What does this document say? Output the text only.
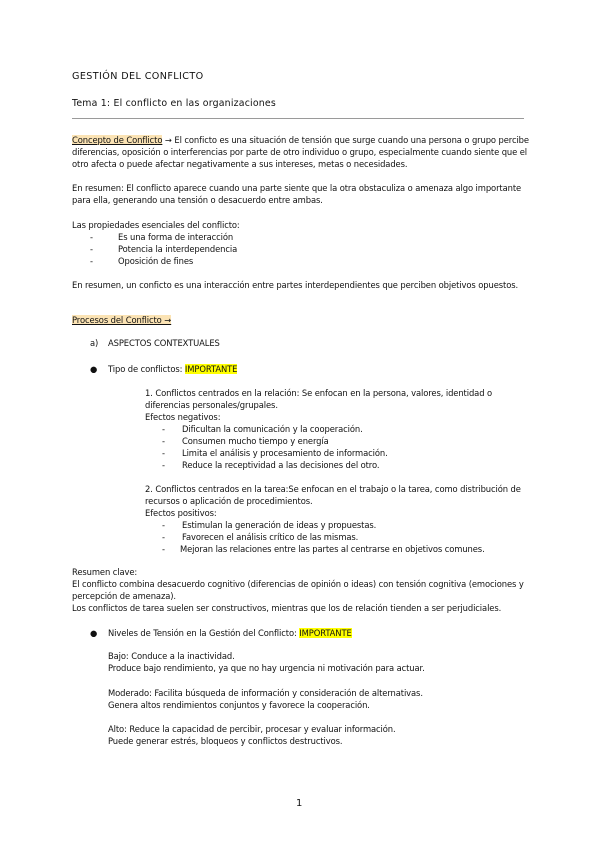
GESTIÓN DEL CONFLICTO
Tema 1: El conflicto en las organizaciones
Concepto de Conflicto → El conficto es una situación de tensión que surge cuando una persona o grupo percibe
diferencias, oposición o interferencias por parte de otro individuo o grupo, especialmente cuando siente que el
otro afecta o puede afectar negativamente a sus intereses, metas o necesidades.
En resumen: El conflicto aparece cuando una parte siente que la otra obstaculiza o amenaza algo importante
para ella, generando una tensión o desacuerdo entre ambas.
Las propiedades esenciales del conflicto:
-	Es una forma de interacción
-	Potencia la interdependencia
-	Oposición de fines
En resumen, un conficto es una interacción entre partes interdependientes que perciben objetivos opuestos.
Procesos del Conflicto →
a) ASPECTOS CONTEXTUALES
● Tipo de conflictos: IMPORTANTE
1. Conflictos centrados en la relación: Se enfocan en la persona, valores, identidad o
diferencias personales/grupales.
Efectos negativos:
- Dificultan la comunicación y la cooperación.
- Consumen mucho tiempo y energía
- Limita el análisis y procesamiento de información.
- Reduce la receptividad a las decisiones del otro.
2. Conflictos centrados en la tarea:Se enfocan en el trabajo o la tarea, como distribución de
recursos o aplicación de procedimientos.
Efectos positivos:
- Estimulan la generación de ideas y propuestas.
- Favorecen el análisis crítico de las mismas.
- Mejoran las relaciones entre las partes al centrarse en objetivos comunes.
Resumen clave:
El conflicto combina desacuerdo cognitivo (diferencias de opinión o ideas) con tensión cognitiva (emociones y
percepción de amenaza).
Los conflictos de tarea suelen ser constructivos, mientras que los de relación tienden a ser perjudiciales.
● Niveles de Tensión en la Gestión del Conflicto: IMPORTANTE
Bajo: Conduce a la inactividad.
Produce bajo rendimiento, ya que no hay urgencia ni motivación para actuar.
Moderado: Facilita búsqueda de información y consideración de alternativas.
Genera altos rendimientos conjuntos y favorece la cooperación.
Alto: Reduce la capacidad de percibir, procesar y evaluar información.
Puede generar estrés, bloqueos y conflictos destructivos.
1
